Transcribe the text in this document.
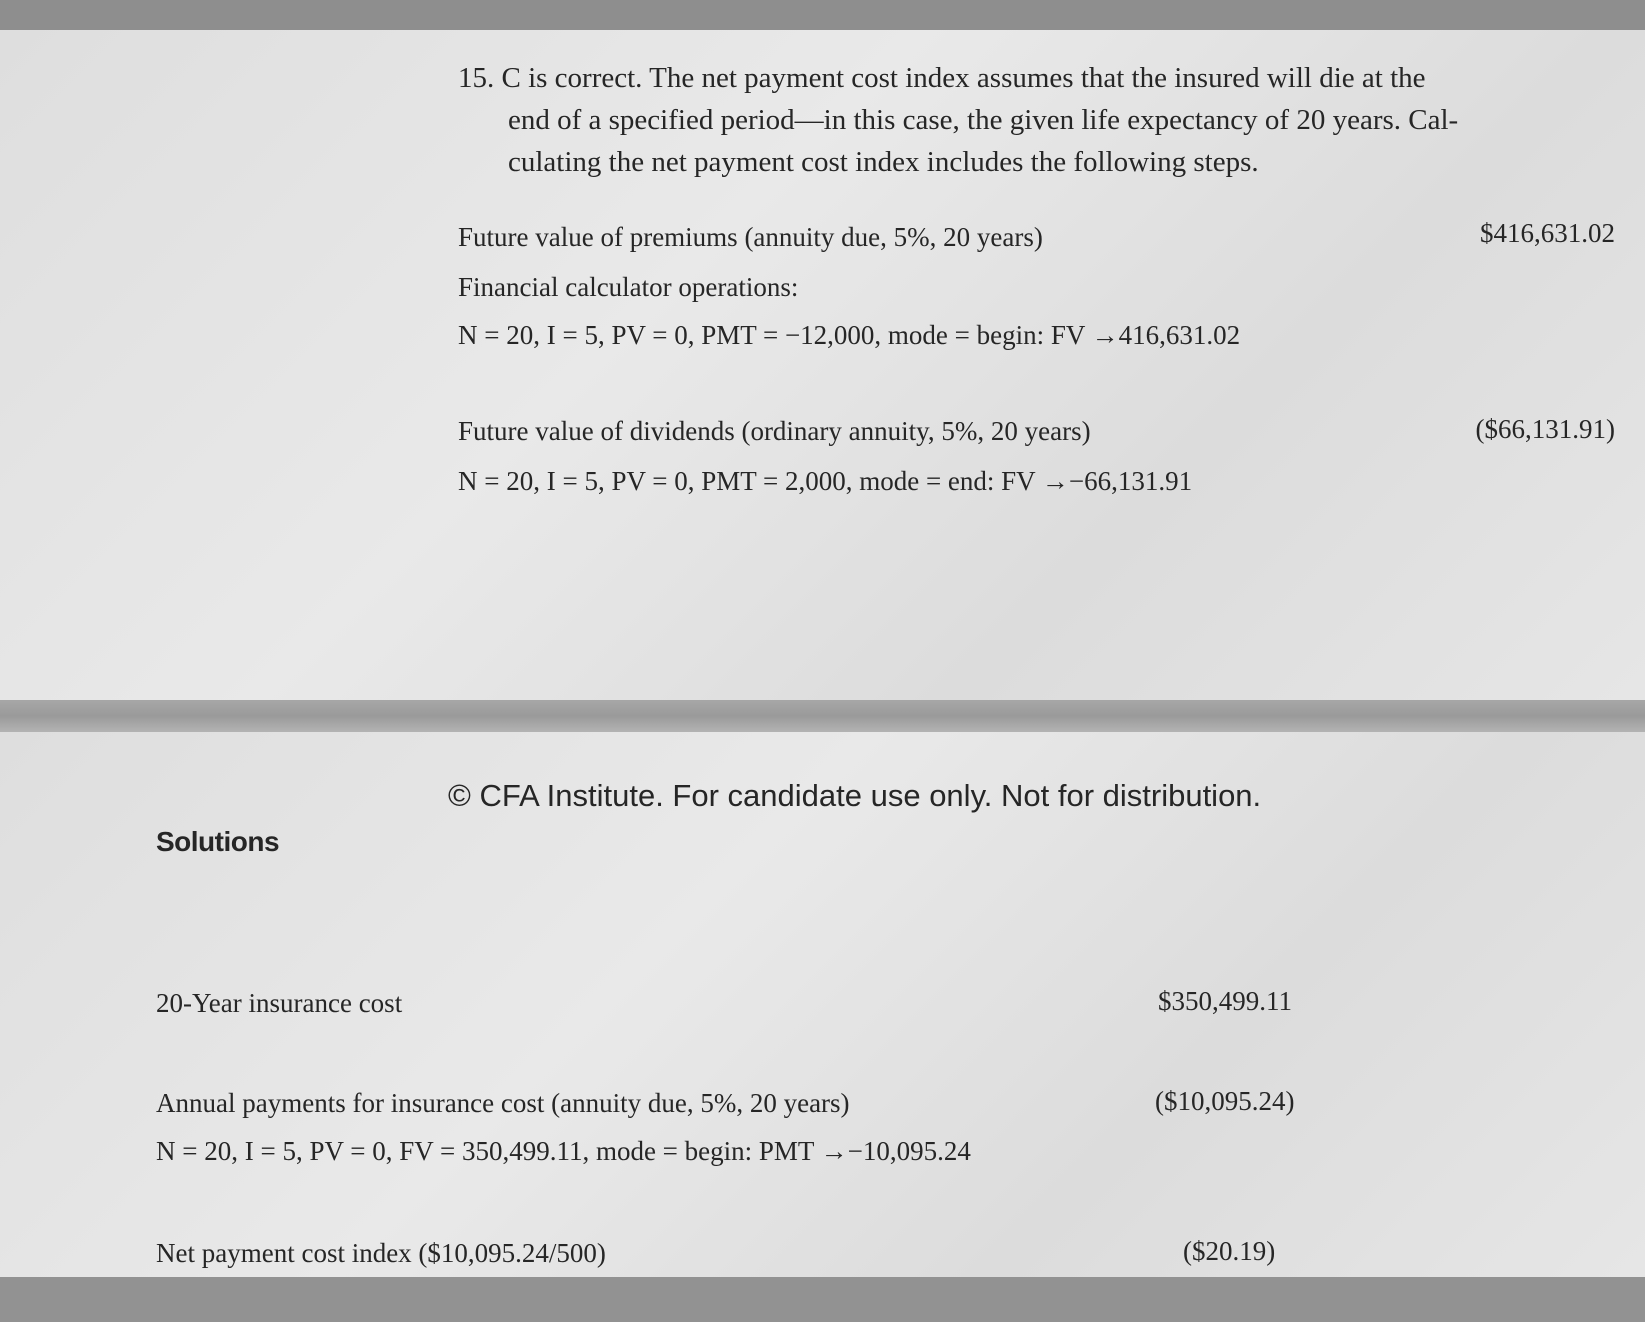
15. C is correct. The net payment cost index assumes that the insured will die at the
end of a specified period—in this case, the given life expectancy of 20 years. Cal-
culating the net payment cost index includes the following steps.
Future value of premiums (annuity due, 5%, 20 years)	$416,631.02
Financial calculator operations:
N = 20, I = 5, PV = 0, PMT = −12,000, mode = begin: FV →416,631.02
Future value of dividends (ordinary annuity, 5%, 20 years)	($66,131.91)
N = 20, I = 5, PV = 0, PMT = 2,000, mode = end: FV →−66,131.91
© CFA Institute. For candidate use only. Not for distribution.
Solutions
20-Year insurance cost	$350,499.11
Annual payments for insurance cost (annuity due, 5%, 20 years)	($10,095.24)
N = 20, I = 5, PV = 0, FV = 350,499.11, mode = begin: PMT →−10,095.24
Net payment cost index ($10,095.24/500)	($20.19)
